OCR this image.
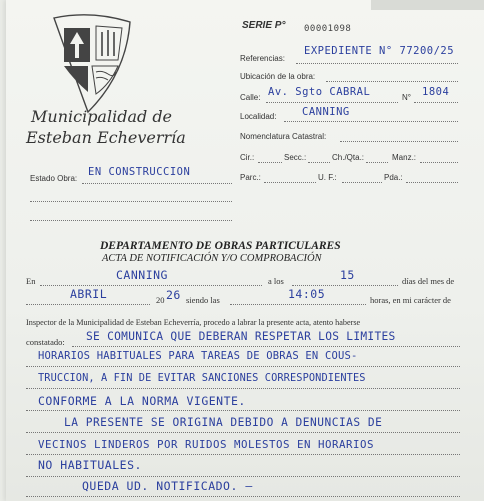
Municipalidad de
Esteban Echeverría
SERIE P° 00001098
Referencias:
EXPEDIENTE N° 77200/25
Ubicación de la obra:
Calle: Av. Sgto CABRAL	N° 1804
Localidad: CANNING
Nomenclatura Catastral:
Cir.:	Secc.:	Ch./Qta.:	Manz.:
Parc.:	U. F.:	Pda.:
Estado Obra:
EN CONSTRUCCION
DEPARTAMENTO DE OBRAS PARTICULARES
ACTA DE NOTIFICACIÓN Y/O COMPROBACIÓN
En	CANNING	a los	15	días del mes de
ABRIL	20 26 siendo las	14:05	horas, en mi carácter de
Inspector de la Municipalidad de Esteban Echeverría, procedo a labrar la presente acta, atento haberse
constatado: SE COMUNICA QUE DEBERAN RESPETAR LOS LIMITES
HORARIOS HABITUALES PARA TAREAS DE OBRAS EN COUS-
TRUCCION, A FIN DE EVITAR SANCIONES CORRESPONDIENTES
CONFORME A LA NORMA VIGENTE.
LA PRESENTE SE ORIGINA DEBIDO A DENUNCIAS DE
VECINOS LINDEROS POR RUIDOS MOLESTOS EN HORARIOS
NO HABITUALES.
QUEDA UD. NOTIFICADO. —
